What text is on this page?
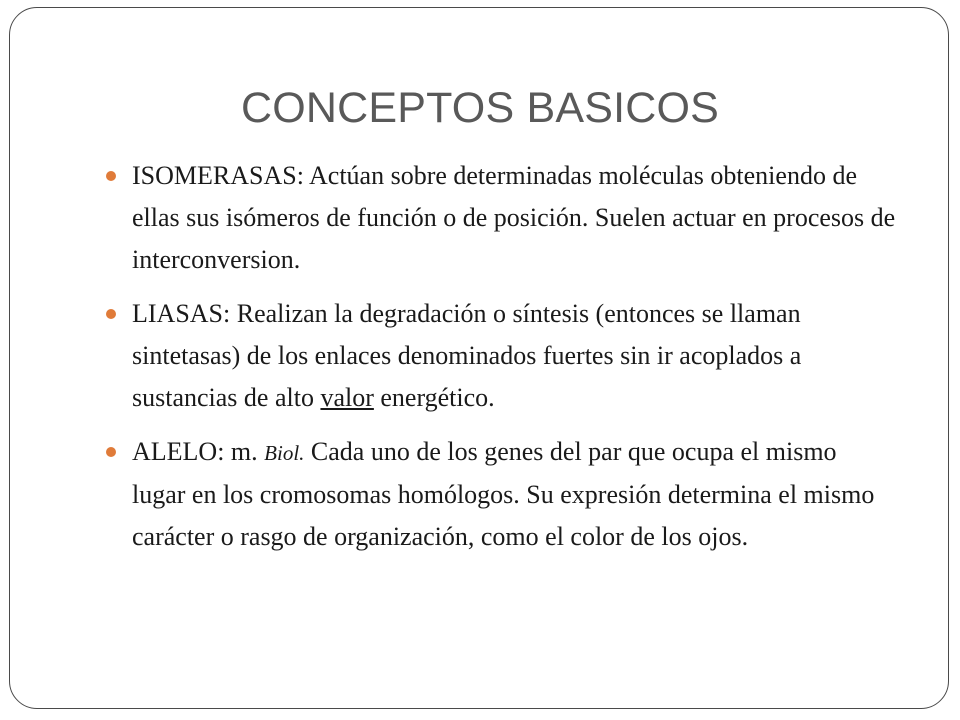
CONCEPTOS BASICOS
ISOMERASAS: Actúan sobre determinadas moléculas obteniendo de ellas sus isómeros de función o de posición. Suelen actuar en procesos de interconversion.
LIASAS: Realizan la degradación o síntesis (entonces se llaman sintetasas) de los enlaces denominados fuertes sin ir acoplados a sustancias de alto valor energético.
ALELO: m. Biol. Cada uno de los genes del par que ocupa el mismo lugar en los cromosomas homólogos. Su expresión determina el mismo carácter o rasgo de organización, como el color de los ojos.
